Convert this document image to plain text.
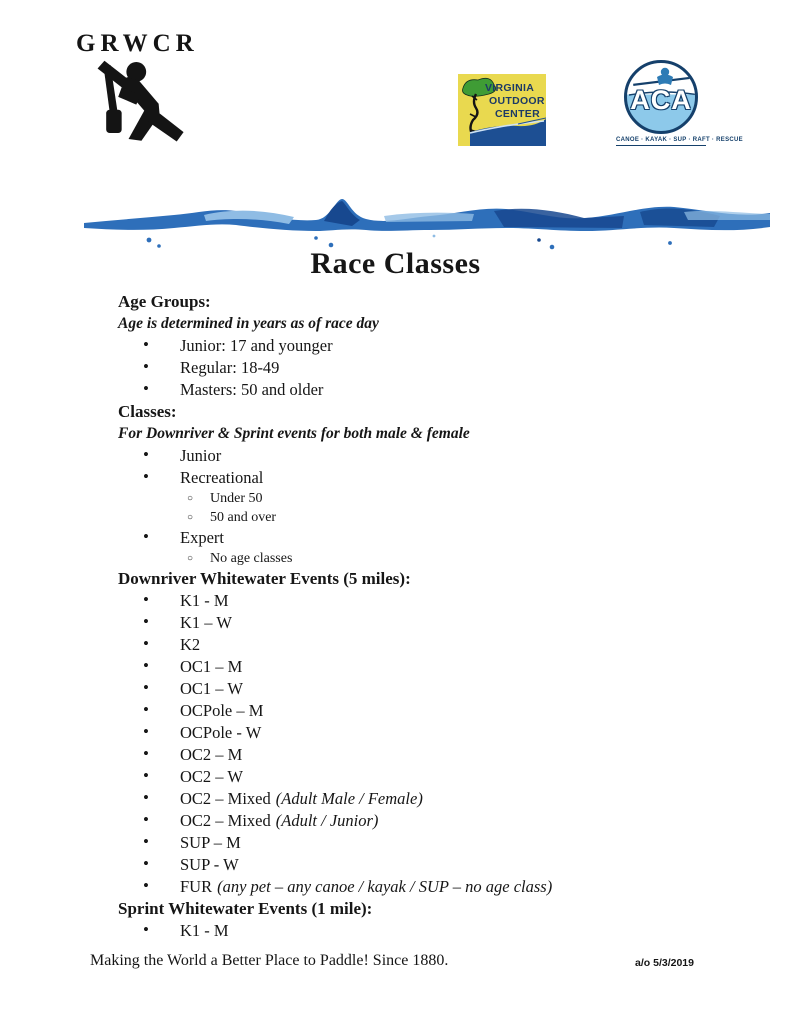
GRWCR
VIRGINIA
OUTDOOR
CENTER	ACA
CANOE · KAYAK · SUP · RAFT · RESCUE
Race Classes
Age Groups:

Age is determined in years as of race day

• Junior: 17 and younger
• Regular: 18-49
• Masters: 50 and older
Classes:

For Downriver & Sprint events for both male & female

• Junior
• Recreational
○ Under 50
○ 50 and over
• Expert
○ No age classes
Downriver Whitewater Events (5 miles):
• K1 - M
• K1 – W
• K2
• OC1 – M
• OC1 – W
• OCPole – M
• OCPole - W
• OC2 – M
• OC2 – W
• OC2 – Mixed (Adult Male / Female)
• OC2 – Mixed (Adult / Junior)
• SUP – M
• SUP - W
• FUR (any pet – any canoe / kayak / SUP – no age class)
Sprint Whitewater Events (1 mile):
• K1 - M
Making the World a Better Place to Paddle! Since 1880.	a/o 5/3/2019
